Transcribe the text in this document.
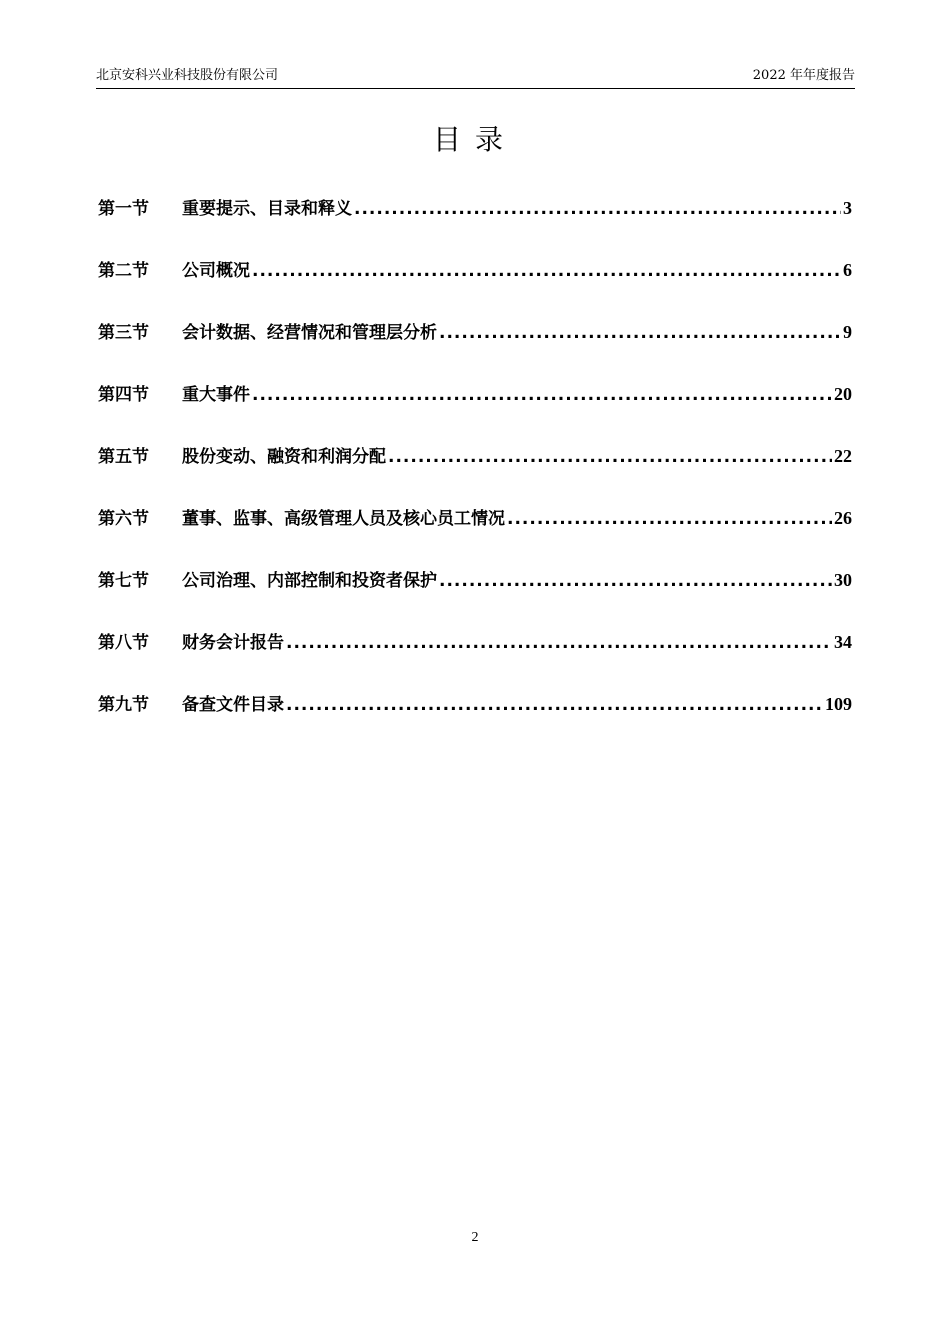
北京安科兴业科技股份有限公司	2022 年年度报告
目录
第一节	重要提示、目录和释义 .....	3
第二节	公司概况 .....	6
第三节	会计数据、经营情况和管理层分析 .....	9
第四节	重大事件 .....	20
第五节	股份变动、融资和利润分配 .....	22
第六节	董事、监事、高级管理人员及核心员工情况 .....	26
第七节	公司治理、内部控制和投资者保护 .....	30
第八节	财务会计报告 .....	34
第九节	备查文件目录 .....	109
2
